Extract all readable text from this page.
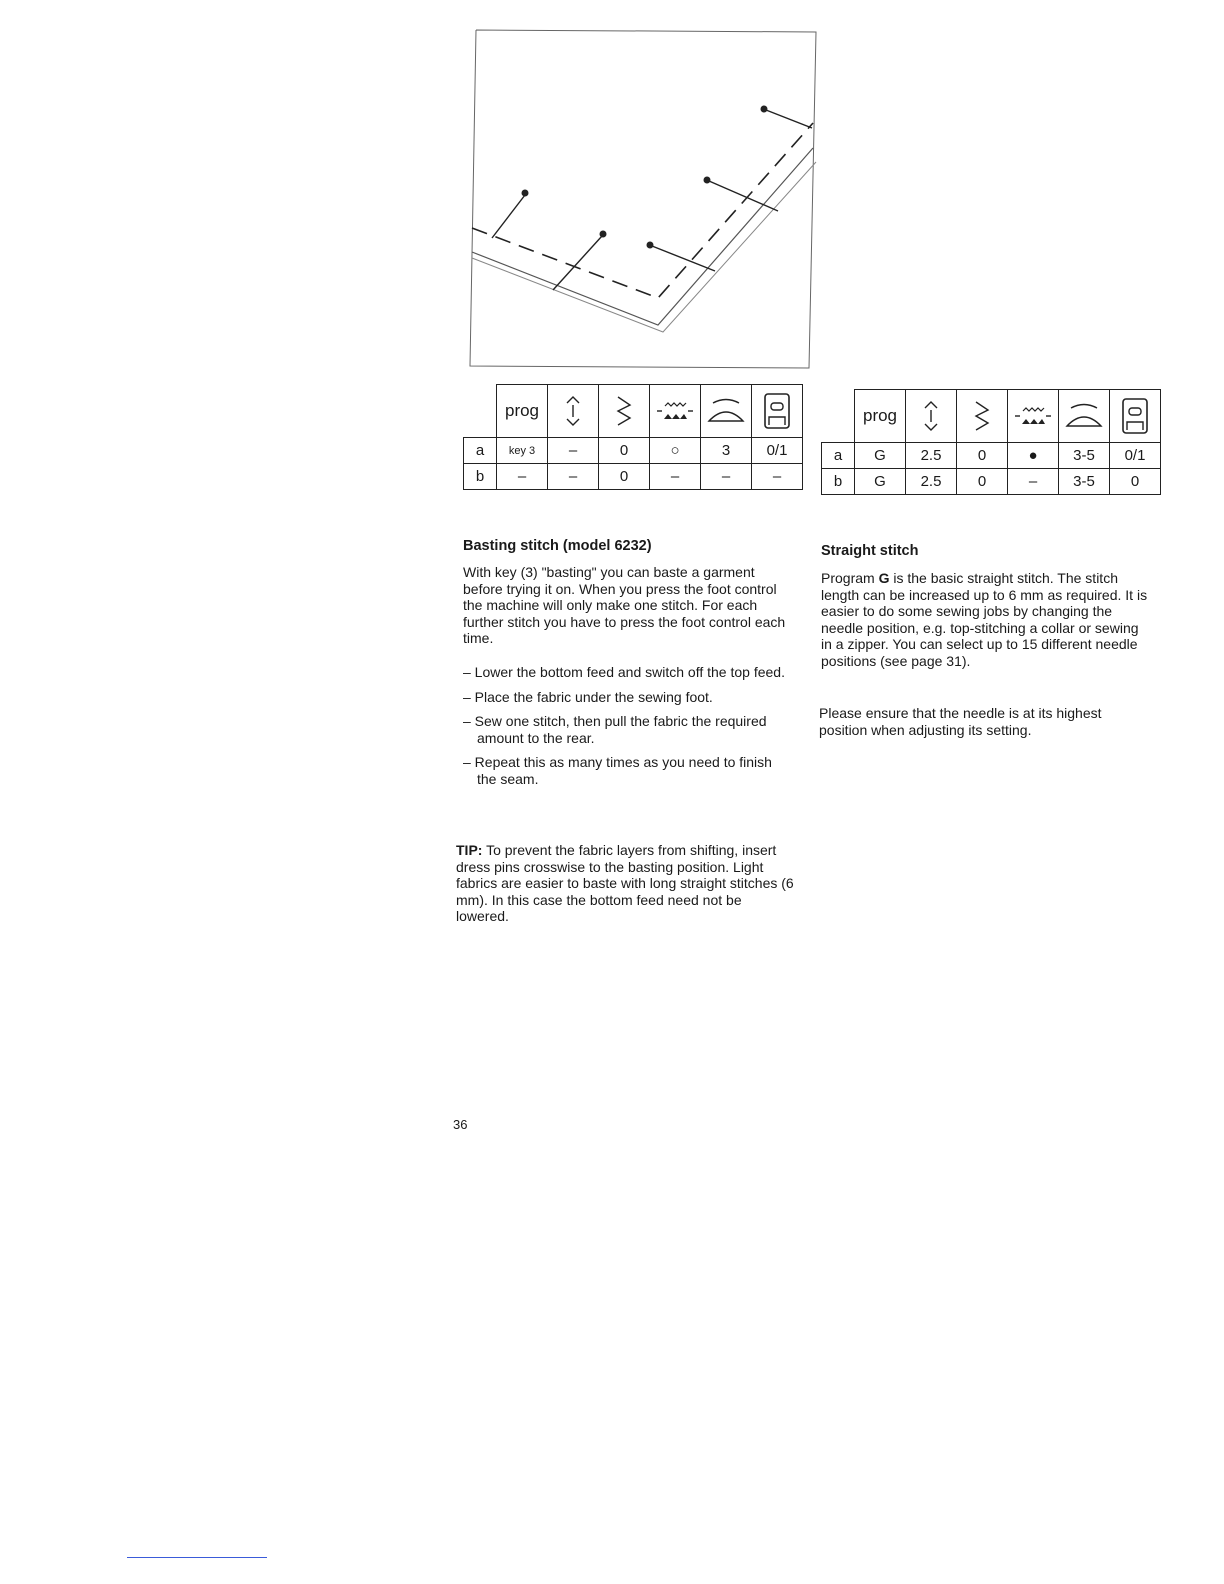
	prog	

a	key 3	–	0	○	3	0/1
b	–	–	0	–	–	–
	prog	

a	G	2.5	0	●	3-5	0/1
b	G	2.5	0	–	3-5	0
Basting stitch (model 6232)

With key (3) "basting" you can baste a garment before trying it on. When you press the foot control the machine will only make one stitch. For each further stitch you have to press the foot control each time.

– Lower the bottom feed and switch off the top feed.
– Place the fabric under the sewing foot.
– Sew one stitch, then pull the fabric the required amount to the rear.
– Repeat this as many times as you need to finish the seam.

TIP: To prevent the fabric layers from shifting, insert dress pins crosswise to the basting position. Light fabrics are easier to baste with long straight stitches (6 mm). In this case the bottom feed need not be lowered.

Straight stitch

Program G is the basic straight stitch. The stitch length can be increased up to 6 mm as required. It is easier to do some sewing jobs by changing the needle position, e.g. top-stitching a collar or sewing in a zipper. You can select up to 15 different needle positions (see page 31).

Please ensure that the needle is at its highest position when adjusting its setting.

36
